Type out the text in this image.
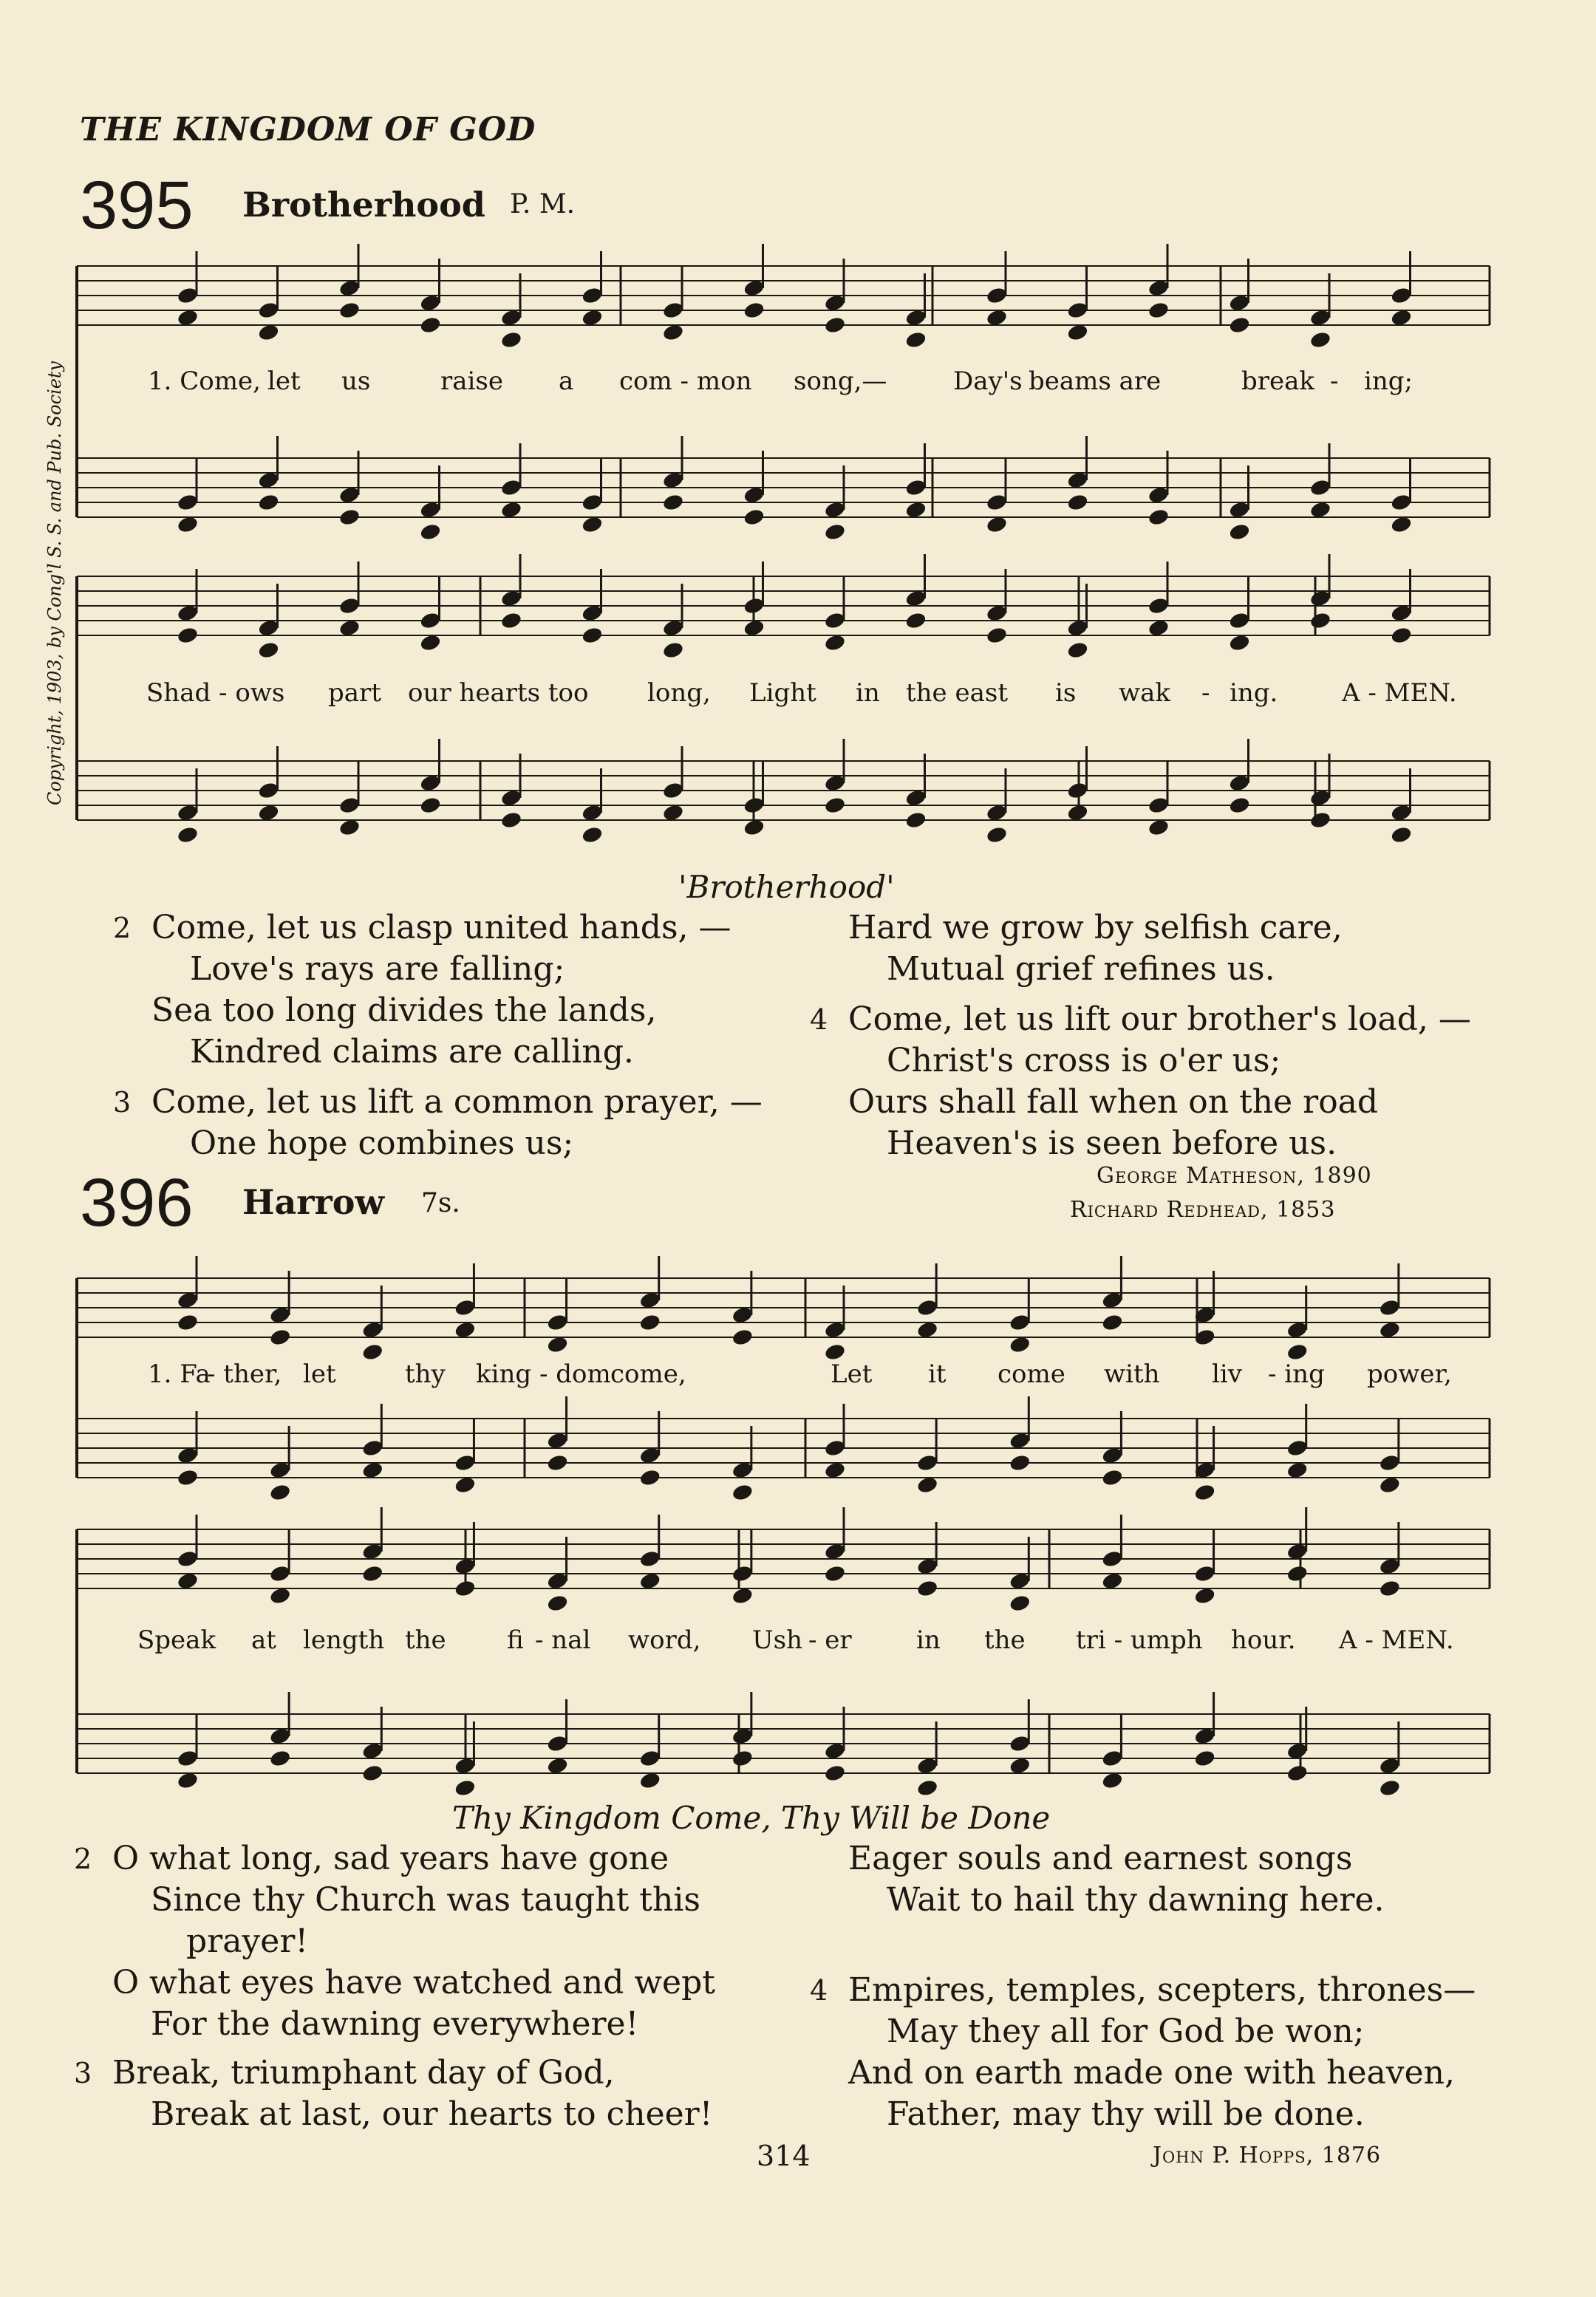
THE KINGDOM OF GOD
395 Brotherhood P. M.
Copyright, 1903, by Cong'l S. S. and Pub. Society	1. Come, let us	raise a com - mon song,—	Day's beams are	break - ing;
Shad - ows part our hearts too long, Light in the east is wak - ing.	A - MEN.
'Brotherhood'

2 Come, let us clasp united hands, —

Love's rays are falling;

Sea too long divides the lands,

Kindred claims are calling.

3 Come, let us lift a common prayer, —

One hope combines us;

Hard we grow by selfish care,

Mutual grief refines us.

4 Come, let us lift our brother's load, —

Christ's cross is o'er us;

Ours shall fall when on the road

Heaven's is seen before us.

George Matheson, 1890
Richard Redhead, 1853
396 Harrow 7s.
1. Fa
- ther, let	thy king - dom come,	Let it come with liv - ing power,
Speak at length the fi - nal word, Ush - er	in the tri - umph hour. A - MEN.
Thy Kingdom Come, Thy Will be Done

2 O what long, sad years have gone

Since thy Church was taught this

prayer!

O what eyes have watched and wept

For the dawning everywhere!

3 Break, triumphant day of God,

Break at last, our hearts to cheer!

Eager souls and earnest songs

Wait to hail thy dawning here.

4 Empires, temples, scepters, thrones—

May they all for God be won;

And on earth made one with heaven,

Father, may thy will be done.

314	John P. Hopps, 1876
